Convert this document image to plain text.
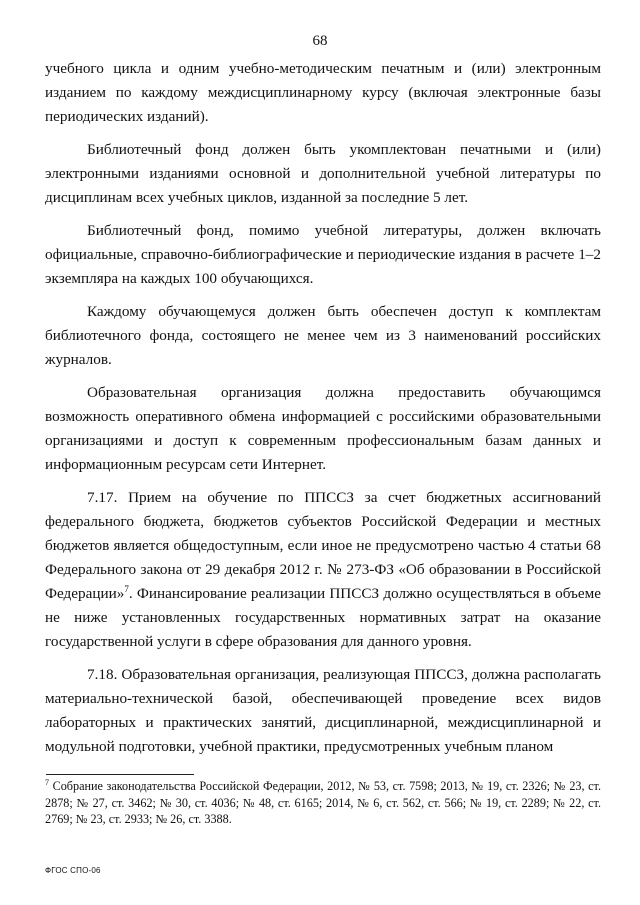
68

учебного цикла и одним учебно-методическим печатным и (или) электронным изданием по каждому междисциплинарному курсу (включая электронные базы периодических изданий).

Библиотечный фонд должен быть укомплектован печатными и (или) электронными изданиями основной и дополнительной учебной литературы по дисциплинам всех учебных циклов, изданной за последние 5 лет.

Библиотечный фонд, помимо учебной литературы, должен включать официальные, справочно-библиографические и периодические издания в расчете 1–2 экземпляра на каждых 100 обучающихся.

Каждому обучающемуся должен быть обеспечен доступ к комплектам библиотечного фонда, состоящего не менее чем из 3 наименований российских журналов.

Образовательная организация должна предоставить обучающимся возможность оперативного обмена информацией с российскими образовательными организациями и доступ к современным профессиональным базам данных и информационным ресурсам сети Интернет.

7.17. Прием на обучение по ППССЗ за счет бюджетных ассигнований федерального бюджета, бюджетов субъектов Российской Федерации и местных бюджетов является общедоступным, если иное не предусмотрено частью 4 статьи 68 Федерального закона от 29 декабря 2012 г. № 273-ФЗ «Об образовании в Российской Федерации»$^7$. Финансирование реализации ППССЗ должно осуществляться в объеме не ниже установленных государственных нормативных затрат на оказание государственной услуги в сфере образования для данного уровня.

7.18. Образовательная организация, реализующая ППССЗ, должна располагать материально-технической базой, обеспечивающей проведение всех видов лабораторных и практических занятий, дисциплинарной, междисциплинарной и модульной подготовки, учебной практики, предусмотренных учебным планом

$^7$ Собрание законодательства Российской Федерации, 2012, № 53, ст. 7598; 2013, № 19, ст. 2326; № 23, ст. 2878; № 27, ст. 3462; № 30, ст. 4036; № 48, ст. 6165; 2014, № 6, ст. 562, ст. 566; № 19, ст. 2289; № 22, ст. 2769; № 23, ст. 2933; № 26, ст. 3388.
ФГОС СПО-06
